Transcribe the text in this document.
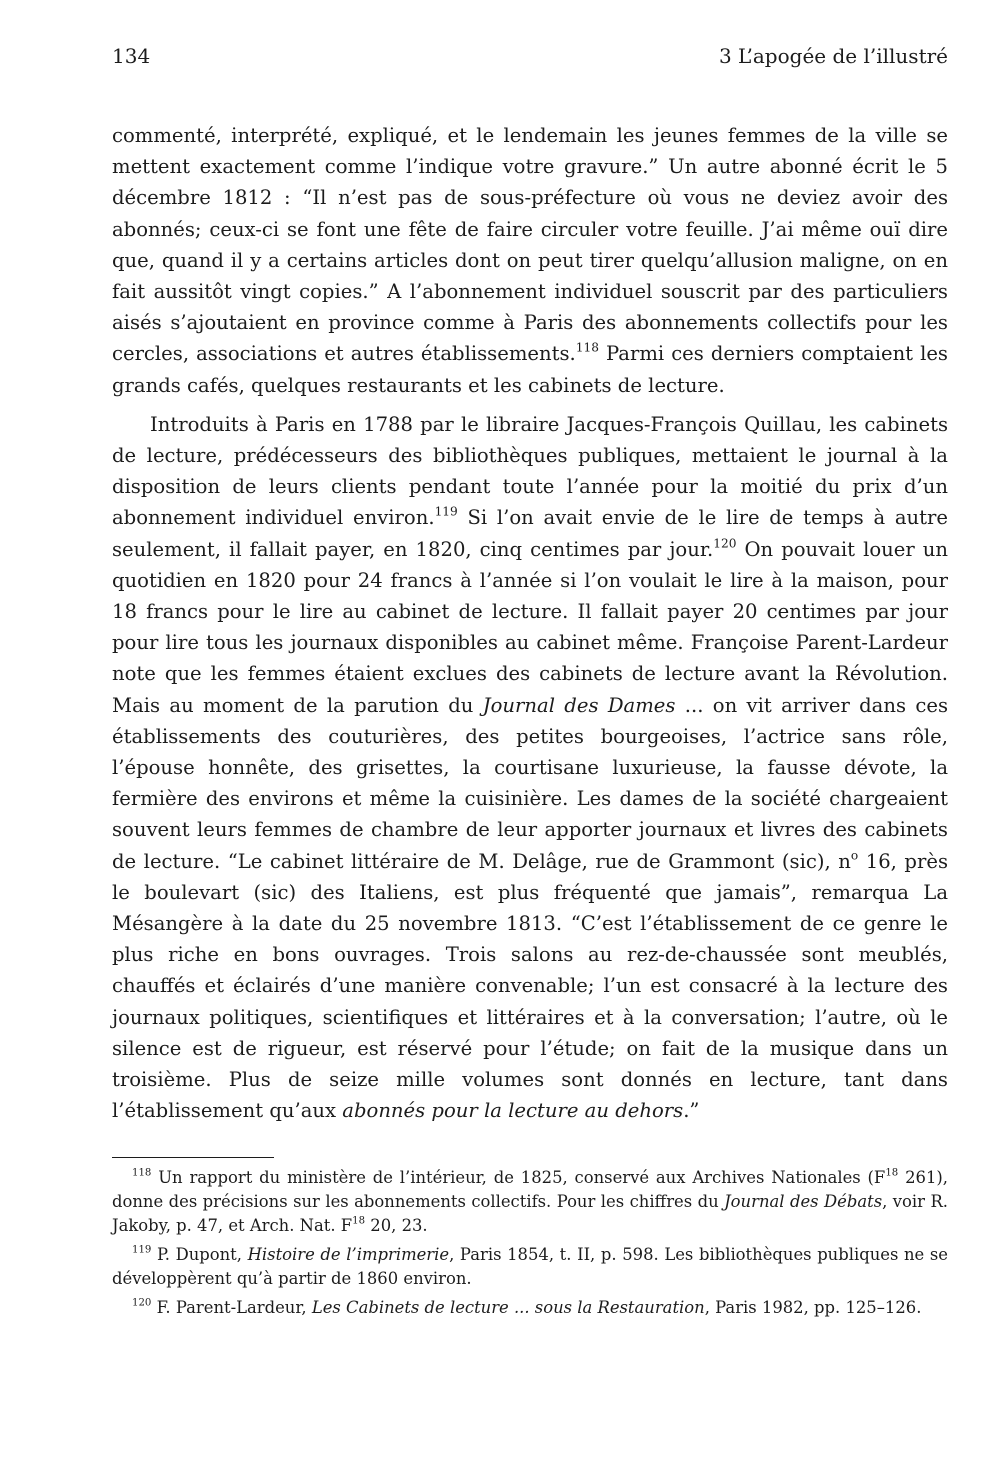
134	3 L’apogée de l’illustré

commenté, interprété, expliqué, et le lendemain les jeunes femmes de la ville se mettent exactement comme l’indique votre gravure.” Un autre abonné écrit le 5 décembre 1812 : “Il n’est pas de sous-préfecture où vous ne deviez avoir des abonnés; ceux-ci se font une fête de faire circuler votre feuille. J’ai même ouï dire que, quand il y a certains articles dont on peut tirer quelqu’allusion maligne, on en fait aussitôt vingt copies.” A l’abonnement individuel souscrit par des particuliers aisés s’ajoutaient en province comme à Paris des abonnements collectifs pour les cercles, associations et autres établissements.$^{118}$ Parmi ces derniers comptaient les grands cafés, quelques restaurants et les cabinets de lecture.

Introduits à Paris en 1788 par le libraire Jacques-François Quillau, les cabinets de lecture, prédécesseurs des bibliothèques publiques, mettaient le journal à la disposition de leurs clients pendant toute l’année pour la moitié du prix d’un abonnement individuel environ.$^{119}$ Si l’on avait envie de le lire de temps à autre seulement, il fallait payer, en 1820, cinq centimes par jour.$^{120}$ On pouvait louer un quotidien en 1820 pour 24 francs à l’année si l’on voulait le lire à la maison, pour 18 francs pour le lire au cabinet de lecture. Il fallait payer 20 centimes par jour pour lire tous les journaux disponibles au cabinet même. Françoise Parent-Lardeur note que les femmes étaient exclues des cabinets de lecture avant la Révolution. Mais au moment de la parution du Journal des Dames ... on vit arriver dans ces établissements des couturières, des petites bourgeoises, l’actrice sans rôle, l’épouse honnête, des grisettes, la courtisane luxurieuse, la fausse dévote, la fermière des environs et même la cuisinière. Les dames de la société chargeaient souvent leurs femmes de chambre de leur apporter journaux et livres des cabinets de lecture. “Le cabinet littéraire de M. Delâge, rue de Grammont (sic), $n^o$ 16, près le boulevart (sic) des Italiens, est plus fréquenté que jamais”, remarqua La Mésangère à la date du 25 novembre 1813. “C’est l’établissement de ce genre le plus riche en bons ouvrages. Trois salons au rez-de-chaussée sont meublés, chauffés et éclairés d’une manière convenable; l’un est consacré à la lecture des journaux politiques, scientifiques et littéraires et à la conversation; l’autre, où le silence est de rigueur, est réservé pour l’étude; on fait de la musique dans un troisième. Plus de seize mille volumes sont donnés en lecture, tant dans l’établissement qu’aux abonnés pour la lecture au dehors.”

$^{118}$ Un rapport du ministère de l’intérieur, de 1825, conservé aux Archives Nationales ($F^{18}$ 261), donne des précisions sur les abonnements collectifs. Pour les chiffres du Journal des Débats, voir R. Jakoby, p. 47, et Arch. Nat. $F^{18}$ 20, 23.

$^{119}$ P. Dupont, Histoire de l’imprimerie, Paris 1854, t. II, p. 598. Les bibliothèques publiques ne se développèrent qu’à partir de 1860 environ.

$^{120}$ F. Parent-Lardeur, Les Cabinets de lecture ... sous la Restauration, Paris 1982, pp. 125–126.
